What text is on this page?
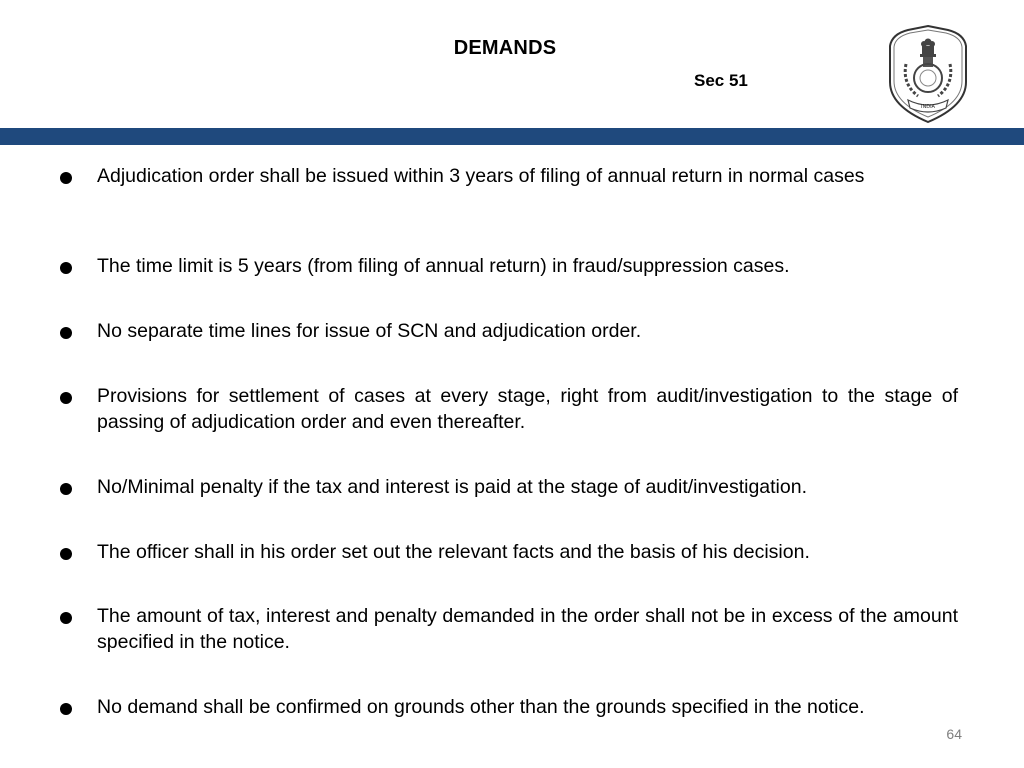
DEMANDS
Sec 51
INDIA
Adjudication order shall be issued within 3 years of filing of annual return in normal cases
The time limit is 5 years (from filing of annual return) in fraud/suppression cases.
No separate time lines for issue of SCN and adjudication order.
Provisions for settlement of cases at every stage, right from audit/investigation to the stage of passing of adjudication order and even thereafter.
No/Minimal penalty if the tax and interest is paid at the stage of audit/investigation.
The officer shall in his order set out the relevant facts and the basis of his decision.
The amount of tax, interest and penalty demanded in the order shall not be in excess of the amount specified in the notice.
No demand shall be confirmed on grounds other than the grounds specified in the notice.
64
